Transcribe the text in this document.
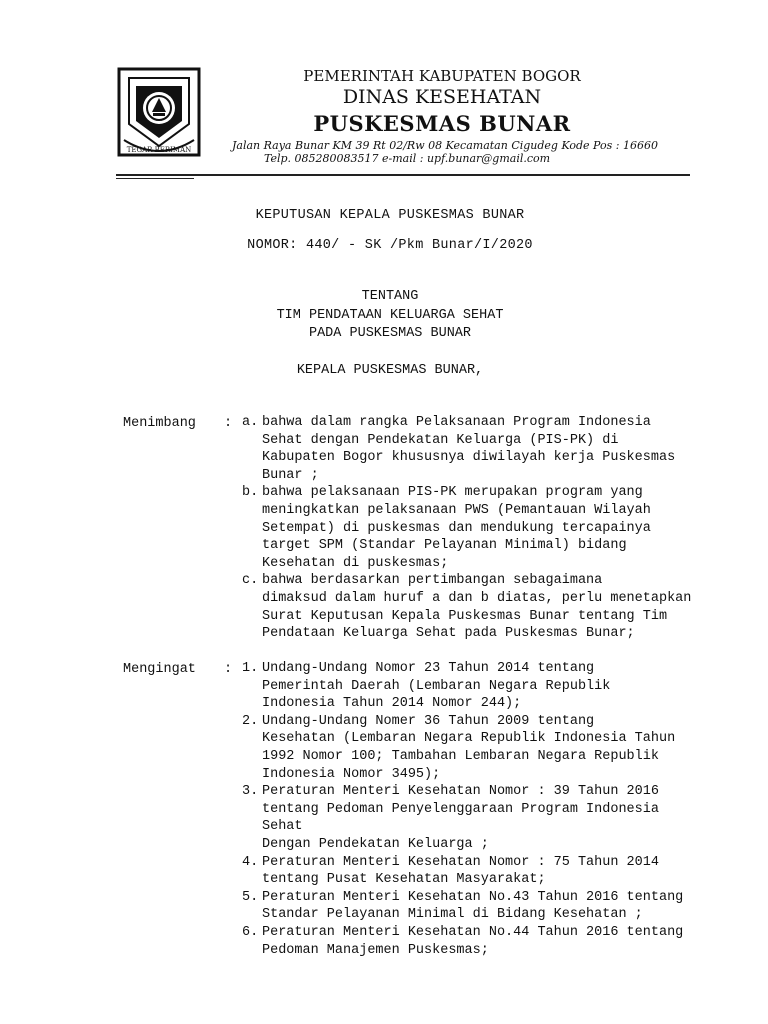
TEGAR BERIMAN
PEMERINTAH KABUPATEN BOGOR
DINAS KESEHATAN
PUSKESMAS BUNAR
Jalan Raya Bunar KM 39 Rt 02/Rw 08 Kecamatan Cigudeg Kode Pos : 16660
Telp. 085280083517 e-mail : upf.bunar@gmail.com
KEPUTUSAN KEPALA PUSKESMAS BUNAR
NOMOR: 440/ - SK /Pkm Bunar/I/2020
TENTANG
TIM PENDATAAN KELUARGA SEHAT
PADA PUSKESMAS BUNAR
KEPALA PUSKESMAS BUNAR,
Menimbang : a. bahwa dalam rangka Pelaksanaan Program Indonesia
Sehat dengan Pendekatan Keluarga (PIS-PK) di
Kabupaten Bogor khususnya diwilayah kerja Puskesmas
Bunar ;
b. bahwa pelaksanaan PIS-PK merupakan program yang
meningkatkan pelaksanaan PWS (Pemantauan Wilayah
Setempat) di puskesmas dan mendukung tercapainya
target SPM (Standar Pelayanan Minimal) bidang
Kesehatan di puskesmas;
c. bahwa berdasarkan pertimbangan sebagaimana
dimaksud dalam huruf a dan b diatas, perlu menetapkan
Surat Keputusan Kepala Puskesmas Bunar tentang Tim
Pendataan Keluarga Sehat pada Puskesmas Bunar;
Mengingat : 1. Undang-Undang Nomor 23 Tahun 2014 tentang
Pemerintah Daerah (Lembaran Negara Republik
Indonesia Tahun 2014 Nomor 244);
2. Undang-Undang Nomer 36 Tahun 2009 tentang
Kesehatan (Lembaran Negara Republik Indonesia Tahun
1992 Nomor 100; Tambahan Lembaran Negara Republik
Indonesia Nomor 3495);
3. Peraturan Menteri Kesehatan Nomor : 39 Tahun 2016
tentang Pedoman Penyelenggaraan Program Indonesia Sehat
Dengan Pendekatan Keluarga ;
4. Peraturan Menteri Kesehatan Nomor : 75 Tahun 2014
tentang Pusat Kesehatan Masyarakat;
5. Peraturan Menteri Kesehatan No.43 Tahun 2016 tentang
Standar Pelayanan Minimal di Bidang Kesehatan ;
6. Peraturan Menteri Kesehatan No.44 Tahun 2016 tentang
Pedoman Manajemen Puskesmas;
